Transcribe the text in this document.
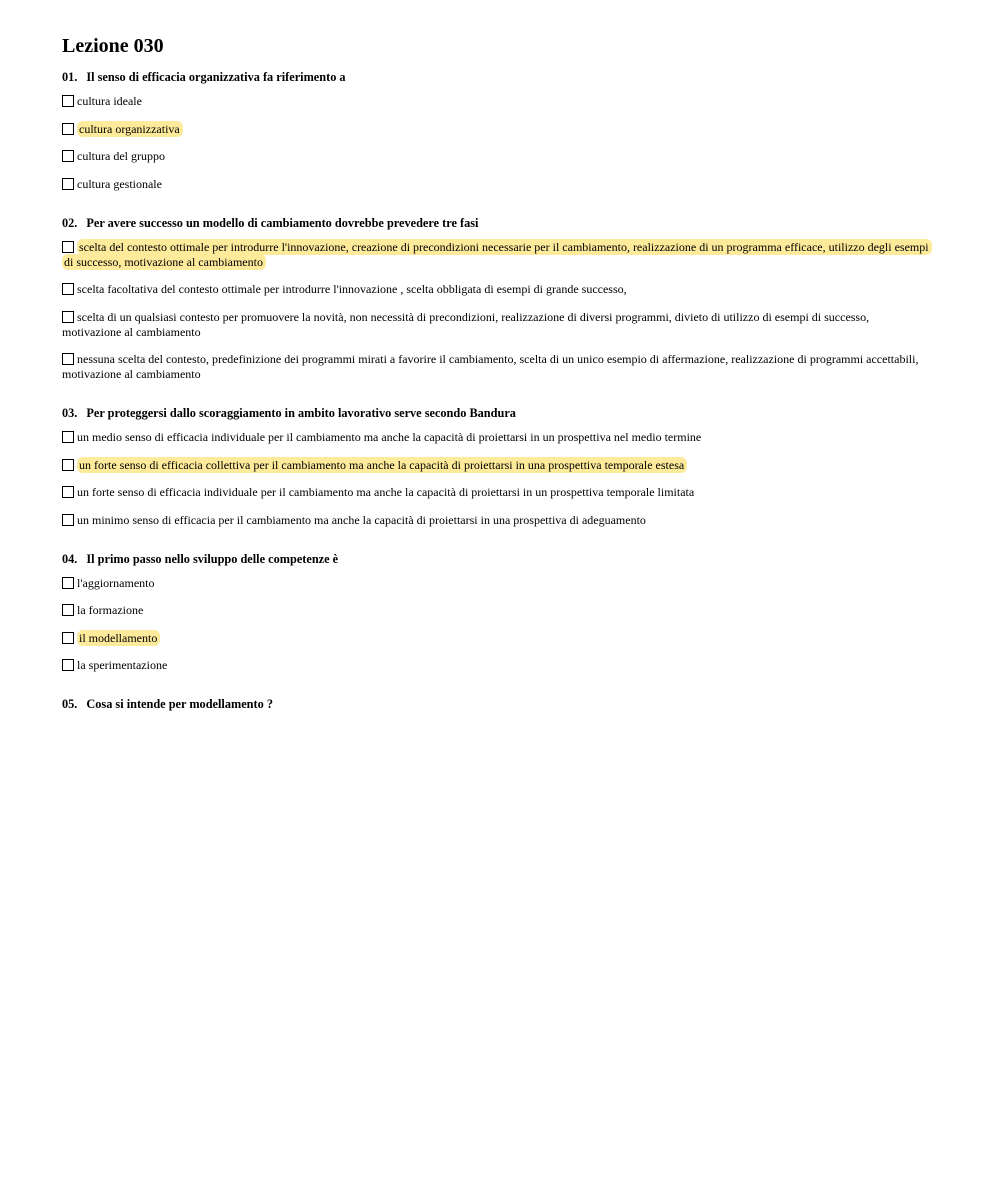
Lezione 030
01. Il senso di efficacia organizzativa fa riferimento a
cultura ideale
cultura organizzativa
cultura del gruppo
cultura gestionale
02. Per avere successo un modello di cambiamento dovrebbe prevedere tre fasi
scelta del contesto ottimale per introdurre l'innovazione, creazione di precondizioni necessarie per il cambiamento, realizzazione di un programma efficace, utilizzo degli esempi di successo, motivazione al cambiamento
scelta facoltativa del contesto ottimale per introdurre l'innovazione , scelta obbligata di esempi di grande successo,
scelta di un qualsiasi contesto per promuovere la novità, non necessità di precondizioni, realizzazione di diversi programmi, divieto di utilizzo di esempi di successo, motivazione al cambiamento
nessuna scelta del contesto, predefinizione dei programmi mirati a favorire il cambiamento, scelta di un unico esempio di affermazione, realizzazione di programmi accettabili, motivazione al cambiamento
03. Per proteggersi dallo scoraggiamento in ambito lavorativo serve secondo Bandura
un medio senso di efficacia individuale per il cambiamento ma anche la capacità di proiettarsi in un prospettiva nel medio termine
un forte senso di efficacia collettiva per il cambiamento ma anche la capacità di proiettarsi in una prospettiva temporale estesa
un forte senso di efficacia individuale per il cambiamento ma anche la capacità di proiettarsi in un prospettiva temporale limitata
un minimo senso di efficacia per il cambiamento ma anche la capacità di proiettarsi in una prospettiva di adeguamento
04. Il primo passo nello sviluppo delle competenze è
l'aggiornamento
la formazione
il modellamento
la sperimentazione
05. Cosa si intende per modellamento ?
